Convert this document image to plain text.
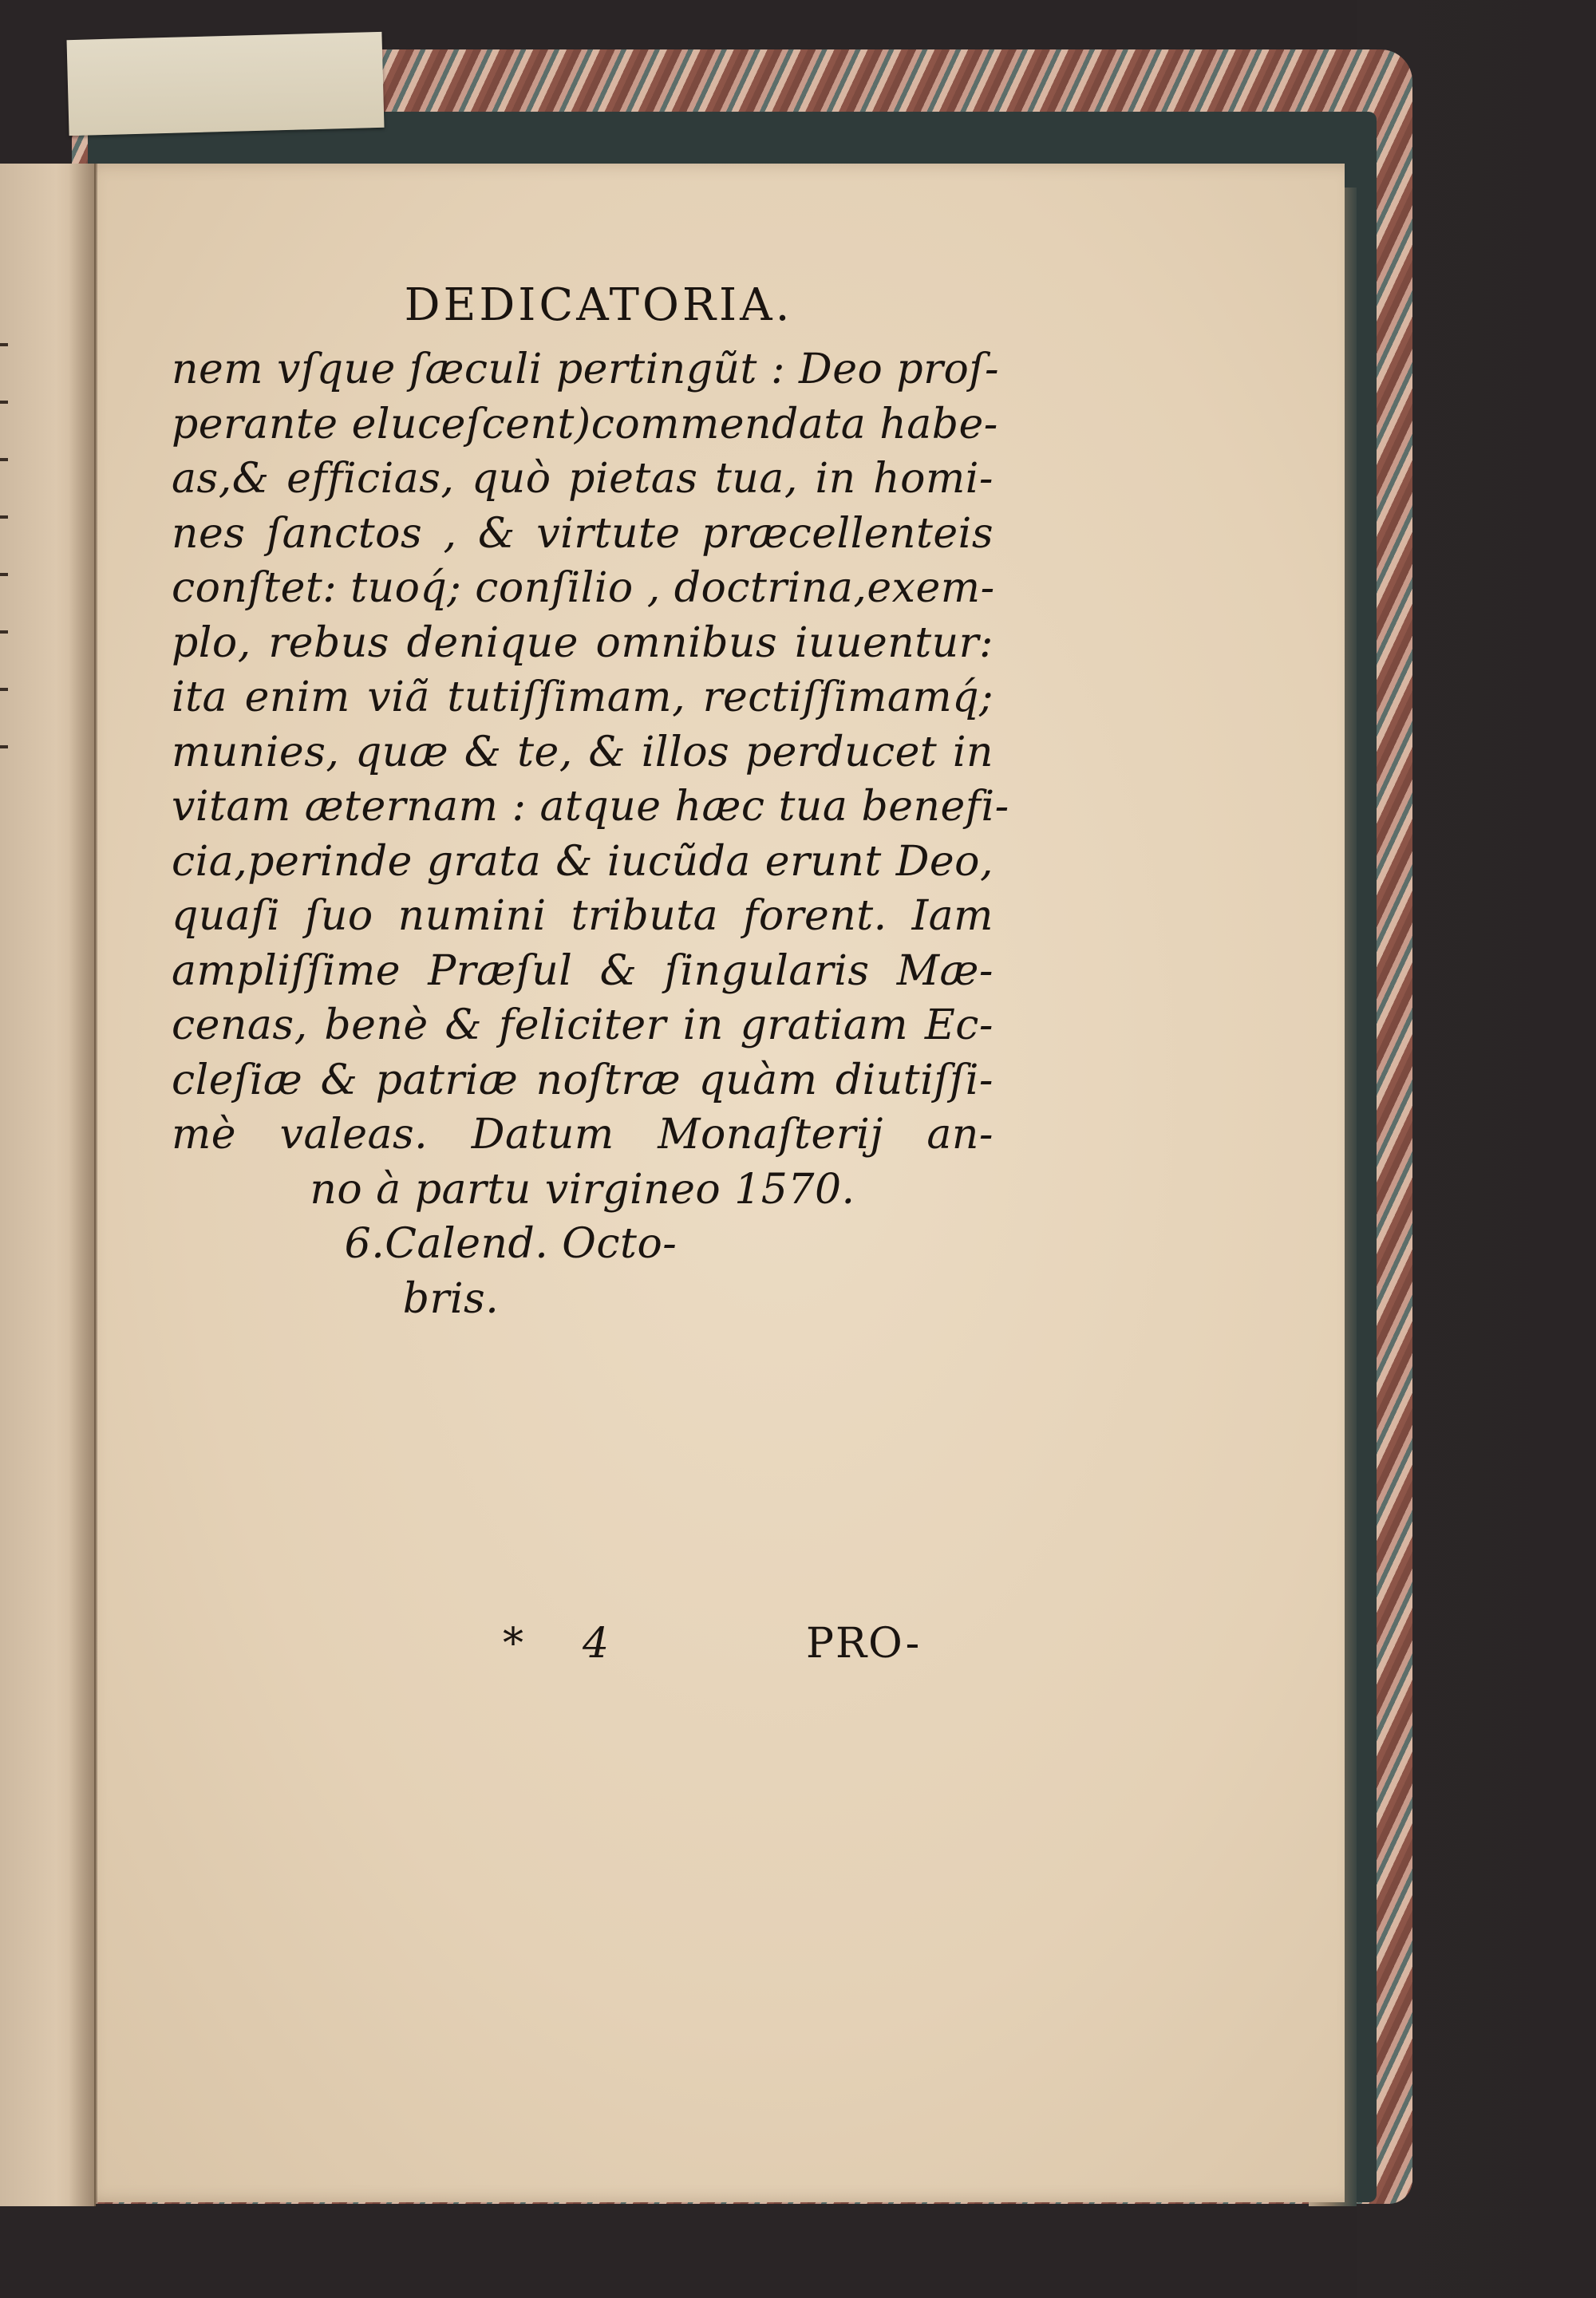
DEDICATORIA.
nem vſque ſæculi pertingũt : Deo proſ-
perante eluceſcent)commendata habe-
as,& efficias, quò pietas tua, in homi-
nes ſanctos , & virtute præcellenteis
conſtet: tuoq́; conſilio , doctrina,exem-
plo, rebus denique omnibus iuuentur:
ita enim viã tutiſſimam, rectiſſimamq́;
munies, quæ & te, & illos perducet in
vitam æternam : atque hæc tua benefi-
cia,perinde grata & iucũda erunt Deo,
quaſi ſuo numini tributa forent. Iam
ampliſſime Præſul & ſingularis Mæ-
cenas, benè & feliciter in gratiam Ec-
cleſiæ & patriæ noſtræ quàm diutiſſi-
mè valeas. Datum Monaſterij an-
no à partu virgineo 1570.
6.Calend. Octo-
bris.
* 4	PRO-
